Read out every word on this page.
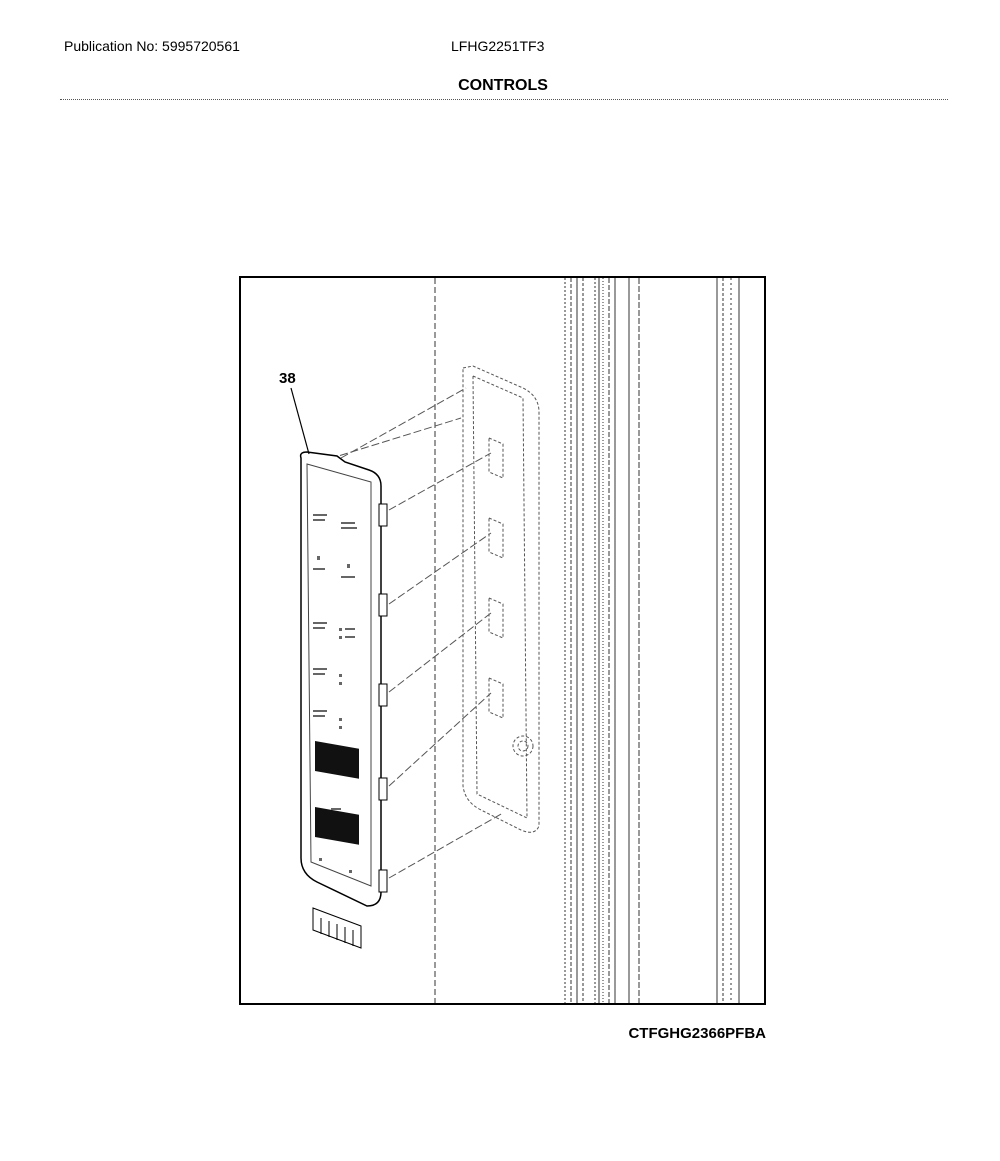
Publication No: 5995720561	LFHG2251TF3
CONTROLS
38
CTFGHG2366PFBA
